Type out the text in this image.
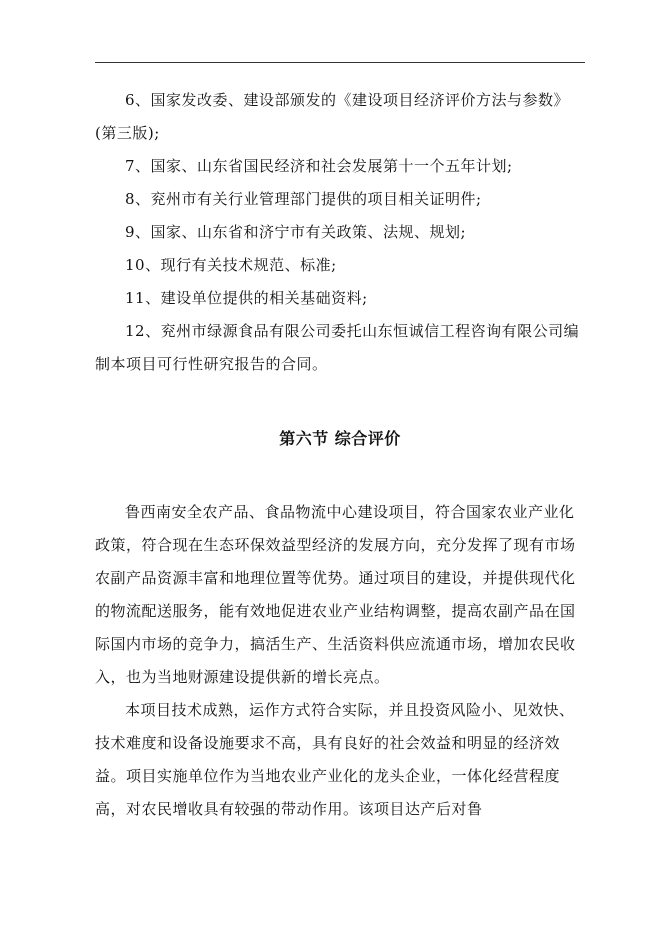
6、国家发改委、建设部颁发的《建设项目经济评价方法与参数》(第三版);

7、国家、山东省国民经济和社会发展第十一个五年计划;

8、兖州市有关行业管理部门提供的项目相关证明件;

9、国家、山东省和济宁市有关政策、法规、规划;

10、现行有关技术规范、标准;

11、建设单位提供的相关基础资料;

12、兖州市绿源食品有限公司委托山东恒诚信工程咨询有限公司编制本项目可行性研究报告的合同。

第六节 综合评价

鲁西南安全农产品、食品物流中心建设项目，符合国家农业产业化政策，符合现在生态环保效益型经济的发展方向，充分发挥了现有市场农副产品资源丰富和地理位置等优势。通过项目的建设，并提供现代化的物流配送服务，能有效地促进农业产业结构调整，提高农副产品在国际国内市场的竞争力，搞活生产、生活资料供应流通市场，增加农民收入，也为当地财源建设提供新的增长亮点。

本项目技术成熟，运作方式符合实际，并且投资风险小、见效快、技术难度和设备设施要求不高，具有良好的社会效益和明显的经济效益。项目实施单位作为当地农业产业化的龙头企业，一体化经营程度高，对农民增收具有较强的带动作用。该项目达产后对鲁
